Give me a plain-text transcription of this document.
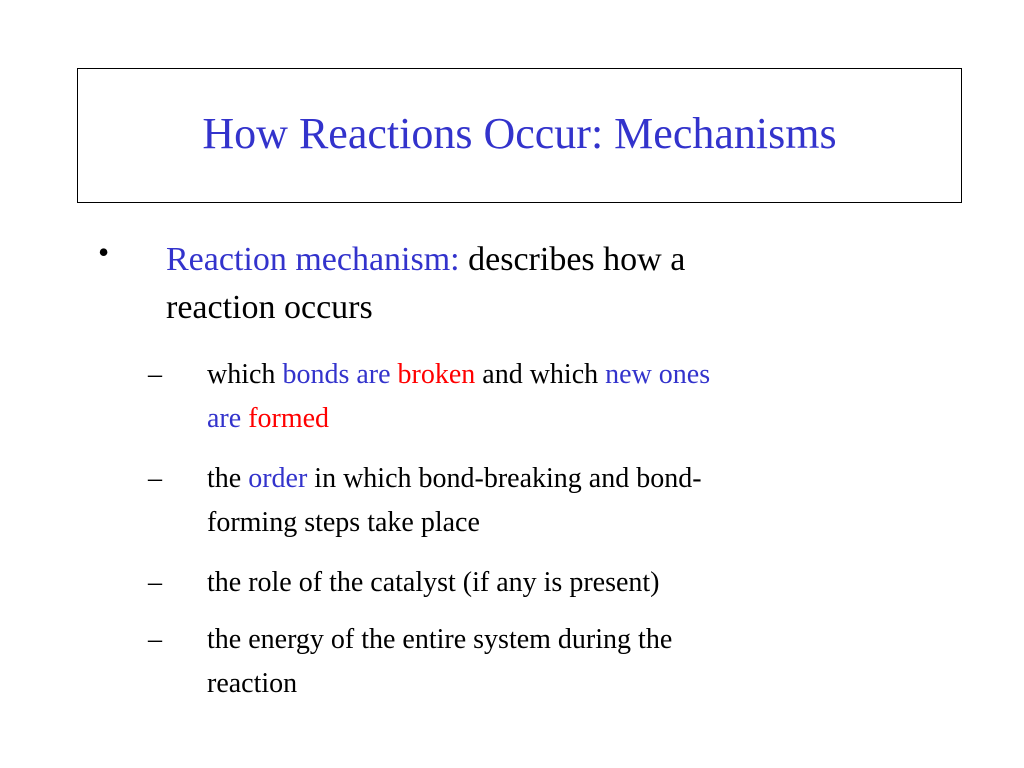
How Reactions Occur: Mechanisms
• Reaction mechanism: describes how a
reaction occurs
– which bonds are broken and which new ones
are formed
– the order in which bond-breaking and bond-
forming steps take place
– the role of the catalyst (if any is present)
– the energy of the entire system during the
reaction
